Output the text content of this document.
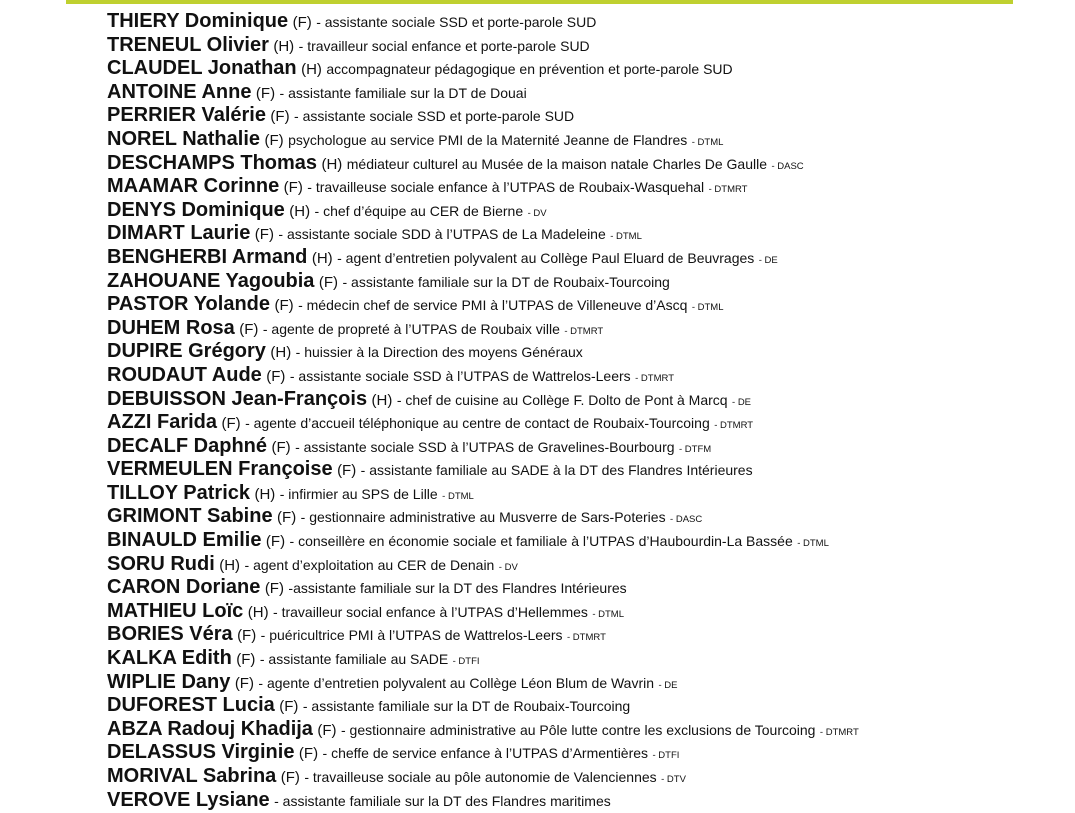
THIERY Dominique (F) - assistante sociale SSD et porte-parole SUD
TRENEUL Olivier (H) - travailleur social enfance et porte-parole SUD
CLAUDEL Jonathan (H) accompagnateur pédagogique en prévention et porte-parole SUD
ANTOINE Anne (F) - assistante familiale sur la DT de Douai
PERRIER Valérie (F) - assistante sociale SSD et porte-parole SUD
NOREL Nathalie (F) psychologue au service PMI de la Maternité Jeanne de Flandres - DTML
DESCHAMPS Thomas (H) médiateur culturel au Musée de la maison natale Charles De Gaulle - DASC
MAAMAR Corinne (F) - travailleuse sociale enfance à l’UTPAS de Roubaix-Wasquehal - DTMRT
DENYS Dominique (H) - chef d’équipe au CER de Bierne - DV
DIMART Laurie (F) - assistante sociale SDD à l’UTPAS de La Madeleine - DTML
BENGHERBI Armand (H) - agent d’entretien polyvalent au Collège Paul Eluard de Beuvrages - DE
ZAHOUANE Yagoubia (F) - assistante familiale sur la DT de Roubaix-Tourcoing
PASTOR Yolande (F) - médecin chef de service PMI à l’UTPAS de Villeneuve d’Ascq - DTML
DUHEM Rosa (F) - agente de propreté à l’UTPAS de Roubaix ville - DTMRT
DUPIRE Grégory (H) - huissier à la Direction des moyens Généraux
ROUDAUT Aude (F) - assistante sociale SSD à l’UTPAS de Wattrelos-Leers - DTMRT
DEBUISSON Jean-François (H) - chef de cuisine au Collège F. Dolto de Pont à Marcq - DE
AZZI Farida (F) - agente d’accueil téléphonique au centre de contact de Roubaix-Tourcoing - DTMRT
DECALF Daphné (F) - assistante sociale SSD à l’UTPAS de Gravelines-Bourbourg - DTFM
VERMEULEN Françoise (F) - assistante familiale au SADE à la DT des Flandres Intérieures
TILLOY Patrick (H) - infirmier au SPS de Lille - DTML
GRIMONT Sabine (F) - gestionnaire administrative au Musverre de Sars-Poteries - DASC
BINAULD Emilie (F) - conseillère en économie sociale et familiale à l’UTPAS d’Haubourdin-La Bassée - DTML
SORU Rudi (H) - agent d’exploitation au CER de Denain - DV
CARON Doriane (F) -assistante familiale sur la DT des Flandres Intérieures
MATHIEU Loïc (H) - travailleur social enfance à l’UTPAS d’Hellemmes - DTML
BORIES Véra (F) - puéricultrice PMI à l’UTPAS de Wattrelos-Leers - DTMRT
KALKA Edith (F) - assistante familiale au SADE - DTFI
WIPLIE Dany (F) - agente d’entretien polyvalent au Collège Léon Blum de Wavrin - DE
DUFOREST Lucia (F) - assistante familiale sur la DT de Roubaix-Tourcoing
ABZA Radouj Khadija (F) - gestionnaire administrative au Pôle lutte contre les exclusions de Tourcoing - DTMRT
DELASSUS Virginie (F) - cheffe de service enfance à l’UTPAS d’Armentières - DTFI
MORIVAL Sabrina (F) - travailleuse sociale au pôle autonomie de Valenciennes - DTV
VEROVE Lysiane - assistante familiale sur la DT des Flandres maritimes
